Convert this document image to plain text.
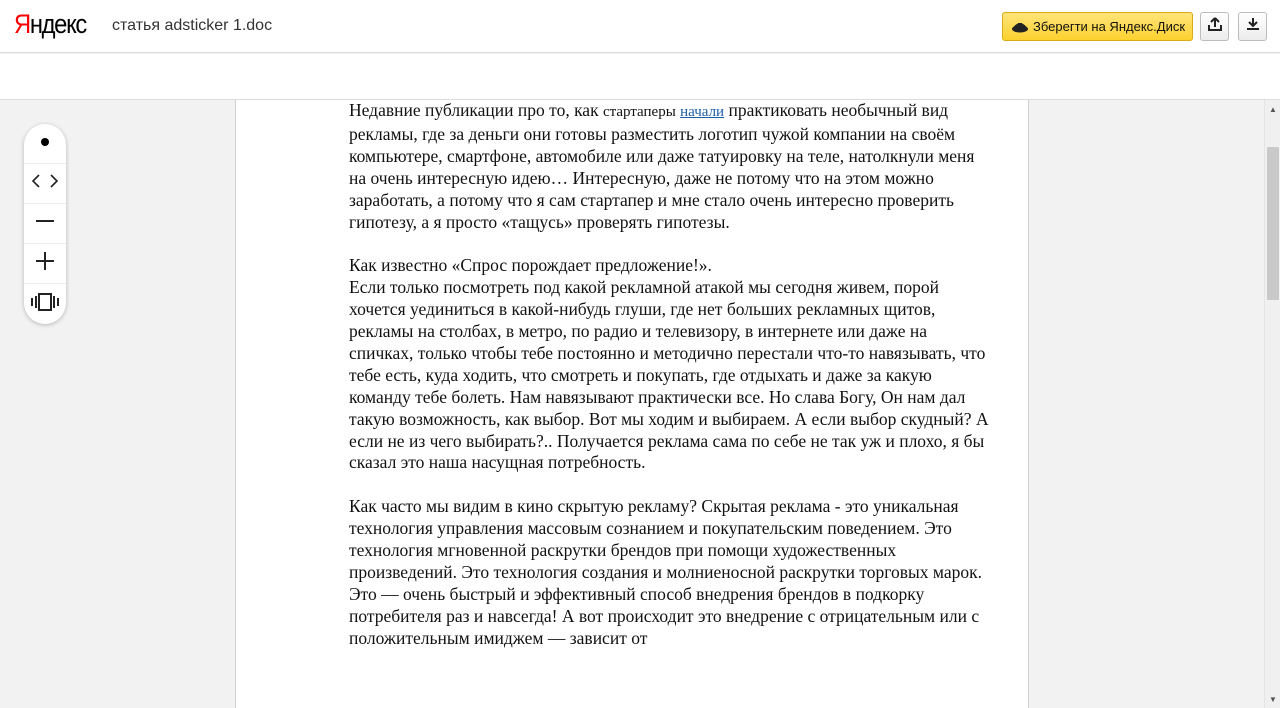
Яндекс статья adsticker 1.doc	Зберегти на Яндекс.Диск

Недавние публикации про то, как стартаперы начали практиковать необычный вид рекламы, где за деньги они готовы разместить логотип чужой компании на своём компьютере, смартфоне, автомобиле или даже татуировку на теле, натолкнули меня на очень интересную идею… Интересную, даже не потому что на этом можно заработать, а потому что я сам стартапер и мне стало очень интересно проверить гипотезу, а я просто «тащусь» проверять гипотезы.

Как известно «Спрос порождает предложение!».

Если только посмотреть под какой рекламной атакой мы сегодня живем, порой хочется уединиться в какой-нибудь глуши, где нет больших рекламных щитов, рекламы на столбах, в метро, по радио и телевизору, в интернете или даже на спичках, только чтобы тебе постоянно и методично перестали что-то навязывать, что тебе есть, куда ходить, что смотреть и покупать, где отдыхать и даже за какую команду тебе болеть. Нам навязывают практически все. Но слава Богу, Он нам дал такую возможность, как выбор. Вот мы ходим и выбираем. А если выбор скудный? А если не из чего выбирать?.. Получается реклама сама по себе не так уж и плохо, я бы сказал это наша насущная потребность.

Как часто мы видим в кино скрытую рекламу? Скрытая реклама - это уникальная технология управления массовым сознанием и покупательским поведением. Это технология мгновенной раскрутки брендов при помощи художественных произведений. Это технология создания и молниеносной раскрутки торговых марок. Это — очень быстрый и эффективный способ внедрения брендов в подкорку потребителя раз и навсегда! А вот происходит это внедрение с отрицательным или с положительным имиджем — зависит от

▲
▼
